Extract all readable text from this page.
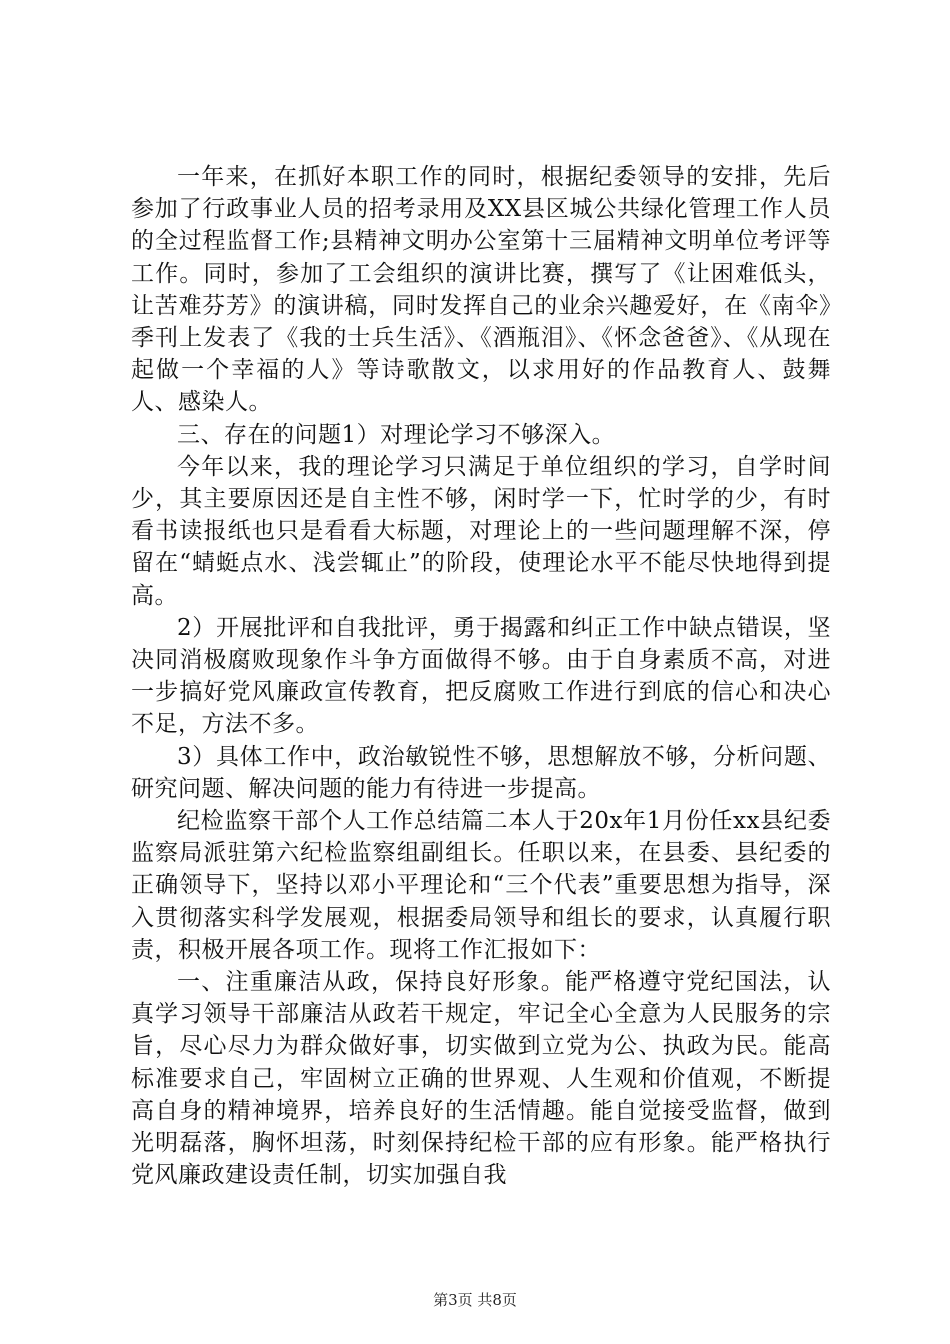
一年来，在抓好本职工作的同时，根据纪委领导的安排，先后参加了行政事业人员的招考录用及XX县区城公共绿化管理工作人员的全过程监督工作;县精神文明办公室第十三届精神文明单位考评等工作。同时，参加了工会组织的演讲比赛，撰写了《让困难低头，让苦难芬芳》的演讲稿，同时发挥自己的业余兴趣爱好，在《南伞》季刊上发表了《我的士兵生活》、《酒瓶泪》、《怀念爸爸》、《从现在起做一个幸福的人》等诗歌散文，以求用好的作品教育人、鼓舞人、感染人。

三、存在的问题1）对理论学习不够深入。

今年以来，我的理论学习只满足于单位组织的学习，自学时间少，其主要原因还是自主性不够，闲时学一下，忙时学的少，有时看书读报纸也只是看看大标题，对理论上的一些问题理解不深，停留在“蜻蜓点水、浅尝辄止”的阶段，使理论水平不能尽快地得到提高。

2）开展批评和自我批评，勇于揭露和纠正工作中缺点错误，坚决同消极腐败现象作斗争方面做得不够。由于自身素质不高，对进一步搞好党风廉政宣传教育，把反腐败工作进行到底的信心和决心不足，方法不多。

3）具体工作中，政治敏锐性不够，思想解放不够，分析问题、研究问题、解决问题的能力有待进一步提高。

纪检监察干部个人工作总结篇二本人于20x年1月份任xx县纪委监察局派驻第六纪检监察组副组长。任职以来，在县委、县纪委的正确领导下，坚持以邓小平理论和“三个代表”重要思想为指导，深入贯彻落实科学发展观，根据委局领导和组长的要求，认真履行职责，积极开展各项工作。现将工作汇报如下：

一、注重廉洁从政，保持良好形象。能严格遵守党纪国法，认真学习领导干部廉洁从政若干规定，牢记全心全意为人民服务的宗旨，尽心尽力为群众做好事，切实做到立党为公、执政为民。能高标准要求自己，牢固树立正确的世界观、人生观和价值观，不断提高自身的精神境界，培养良好的生活情趣。能自觉接受监督，做到光明磊落，胸怀坦荡，时刻保持纪检干部的应有形象。能严格执行党风廉政建设责任制，切实加强自我

第3页 共8页
